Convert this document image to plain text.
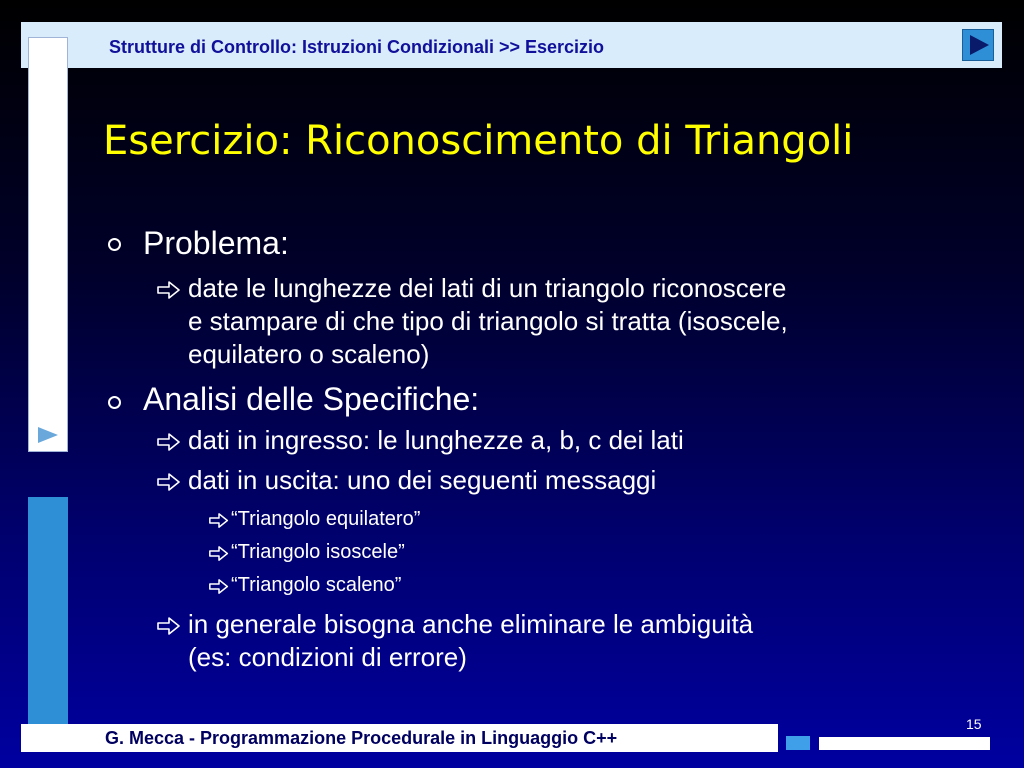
Strutture di Controllo: Istruzioni Condizionali >> Esercizio
Esercizio: Riconoscimento di Triangoli
Problema:
date le lunghezze dei lati di un triangolo riconoscere
e stampare di che tipo di triangolo si tratta (isoscele,
equilatero o scaleno)
Analisi delle Specifiche:
dati in ingresso: le lunghezze a, b, c dei lati
dati in uscita: uno dei seguenti messaggi
“Triangolo equilatero”
“Triangolo isoscele”
“Triangolo scaleno”
in generale bisogna anche eliminare le ambiguità
(es: condizioni di errore)
G. Mecca - Programmazione Procedurale in Linguaggio C++
15
